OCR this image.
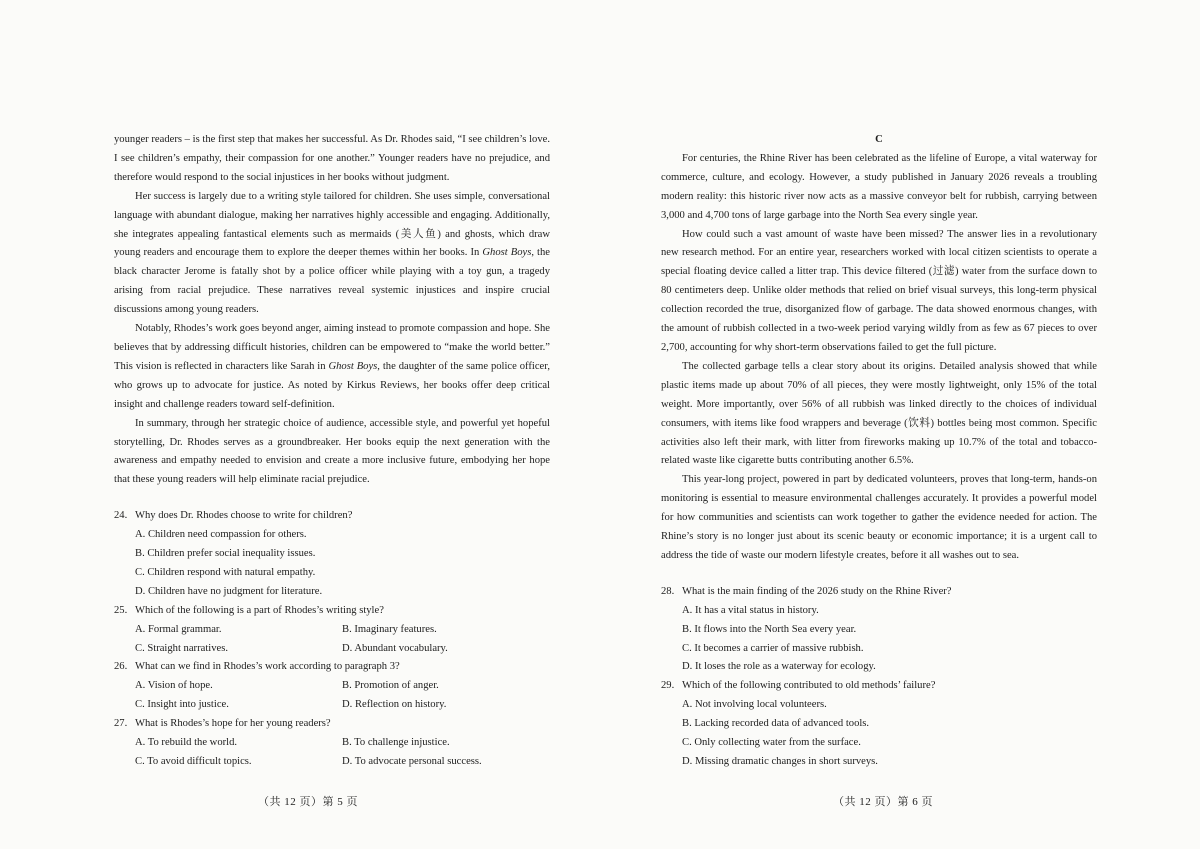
younger readers – is the first step that makes her successful. As Dr. Rhodes said, “I see children’s love. I see children’s empathy, their compassion for one another.” Younger readers have no prejudice, and therefore would respond to the social injustices in her books without judgment.

Her success is largely due to a writing style tailored for children. She uses simple, conversational language with abundant dialogue, making her narratives highly accessible and engaging. Additionally, she integrates appealing fantastical elements such as mermaids (美人鱼) and ghosts, which draw young readers and encourage them to explore the deeper themes within her books. In Ghost Boys, the black character Jerome is fatally shot by a police officer while playing with a toy gun, a tragedy arising from racial prejudice. These narratives reveal systemic injustices and inspire crucial discussions among young readers.

Notably, Rhodes’s work goes beyond anger, aiming instead to promote compassion and hope. She believes that by addressing difficult histories, children can be empowered to “make the world better.” This vision is reflected in characters like Sarah in Ghost Boys, the daughter of the same police officer, who grows up to advocate for justice. As noted by Kirkus Reviews, her books offer deep critical insight and challenge readers toward self-definition.

In summary, through her strategic choice of audience, accessible style, and powerful yet hopeful storytelling, Dr. Rhodes serves as a groundbreaker. Her books equip the next generation with the awareness and empathy needed to envision and create a more inclusive future, embodying her hope that these young readers will help eliminate racial prejudice.

24. Why does Dr. Rhodes choose to write for children?
A. Children need compassion for others.
B. Children prefer social inequality issues.
C. Children respond with natural empathy.
D. Children have no judgment for literature.
25. Which of the following is a part of Rhodes’s writing style?
A. Formal grammar.	B. Imaginary features.
C. Straight narratives.	D. Abundant vocabulary.
26. What can we find in Rhodes’s work according to paragraph 3?
A. Vision of hope.	B. Promotion of anger.
C. Insight into justice.	D. Reflection on history.
27. What is Rhodes’s hope for her young readers?
A. To rebuild the world.	B. To challenge injustice.
C. To avoid difficult topics.	D. To advocate personal success.

C

For centuries, the Rhine River has been celebrated as the lifeline of Europe, a vital waterway for commerce, culture, and ecology. However, a study published in January 2026 reveals a troubling modern reality: this historic river now acts as a massive conveyor belt for rubbish, carrying between 3,000 and 4,700 tons of large garbage into the North Sea every single year.

How could such a vast amount of waste have been missed? The answer lies in a revolutionary new research method. For an entire year, researchers worked with local citizen scientists to operate a special floating device called a litter trap. This device filtered (过滤) water from the surface down to 80 centimeters deep. Unlike older methods that relied on brief visual surveys, this long-term physical collection recorded the true, disorganized flow of garbage. The data showed enormous changes, with the amount of rubbish collected in a two-week period varying wildly from as few as 67 pieces to over 2,700, accounting for why short-term observations failed to get the full picture.

The collected garbage tells a clear story about its origins. Detailed analysis showed that while plastic items made up about 70% of all pieces, they were mostly lightweight, only 15% of the total weight. More importantly, over 56% of all rubbish was linked directly to the choices of individual consumers, with items like food wrappers and beverage (饮料) bottles being most common. Specific activities also left their mark, with litter from fireworks making up 10.7% of the total and tobacco-related waste like cigarette butts contributing another 6.5%.

This year-long project, powered in part by dedicated volunteers, proves that long-term, hands-on monitoring is essential to measure environmental challenges accurately. It provides a powerful model for how communities and scientists can work together to gather the evidence needed for action. The Rhine’s story is no longer just about its scenic beauty or economic importance; it is a urgent call to address the tide of waste our modern lifestyle creates, before it all washes out to sea.

28. What is the main finding of the 2026 study on the Rhine River?
A. It has a vital status in history.
B. It flows into the North Sea every year.
C. It becomes a carrier of massive rubbish.
D. It loses the role as a waterway for ecology.
29. Which of the following contributed to old methods’ failure?
A. Not involving local volunteers.
B. Lacking recorded data of advanced tools.
C. Only collecting water from the surface.
D. Missing dramatic changes in short surveys.
（共 12 页）第 5 页	（共 12 页）第 6 页
